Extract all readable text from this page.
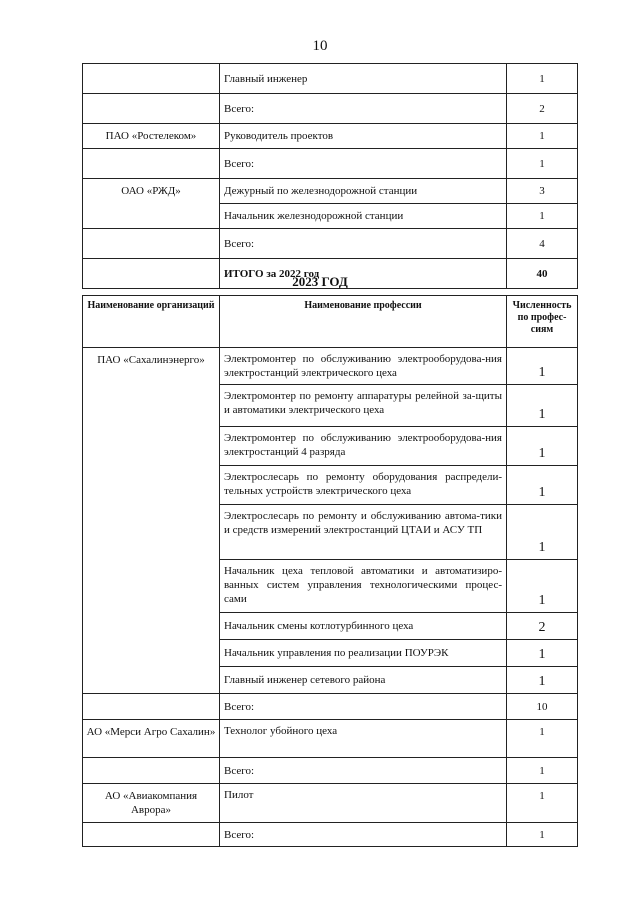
10
	Главный инженер	1
	Всего:	2
ПАО «Ростелеком»	Руководитель проектов	1
	Всего:	1
ОАО «РЖД»	Дежурный по железнодорожной станции	3
	Начальник железнодорожной станции	1
	Всего:	4
	ИТОГО за 2022 год	40
2023 ГОД
Наименование организаций	Наименование профессии	Численность по профес-сиям
ПАО «Сахалинэнерго»	Электромонтер по обслуживанию электрооборудова-ния электростанций электрического цеха	1
	Электромонтер по ремонту аппаратуры релейной за-щиты и автоматики электрического цеха	1
	Электромонтер по обслуживанию электрооборудова-ния электростанций 4 разряда	1
	Электрослесарь по ремонту оборудования распредели-тельных устройств электрического цеха	1
	Электрослесарь по ремонту и обслуживанию автома-тики и средств измерений электростанций ЦТАИ и АСУ ТП	1
	Начальник цеха тепловой автоматики и автоматизиро-ванных систем управления технологическими процес-сами	1
	Начальник смены котлотурбинного цеха	2
	Начальник управления по реализации ПОУРЭК	1
	Главный инженер сетевого района	1
	Всего:	10
АО «Мерси Агро Сахалин»	Технолог убойного цеха	1
	Всего:	1
АО «Авиакомпания Аврора»	Пилот	1
	Всего:	1
